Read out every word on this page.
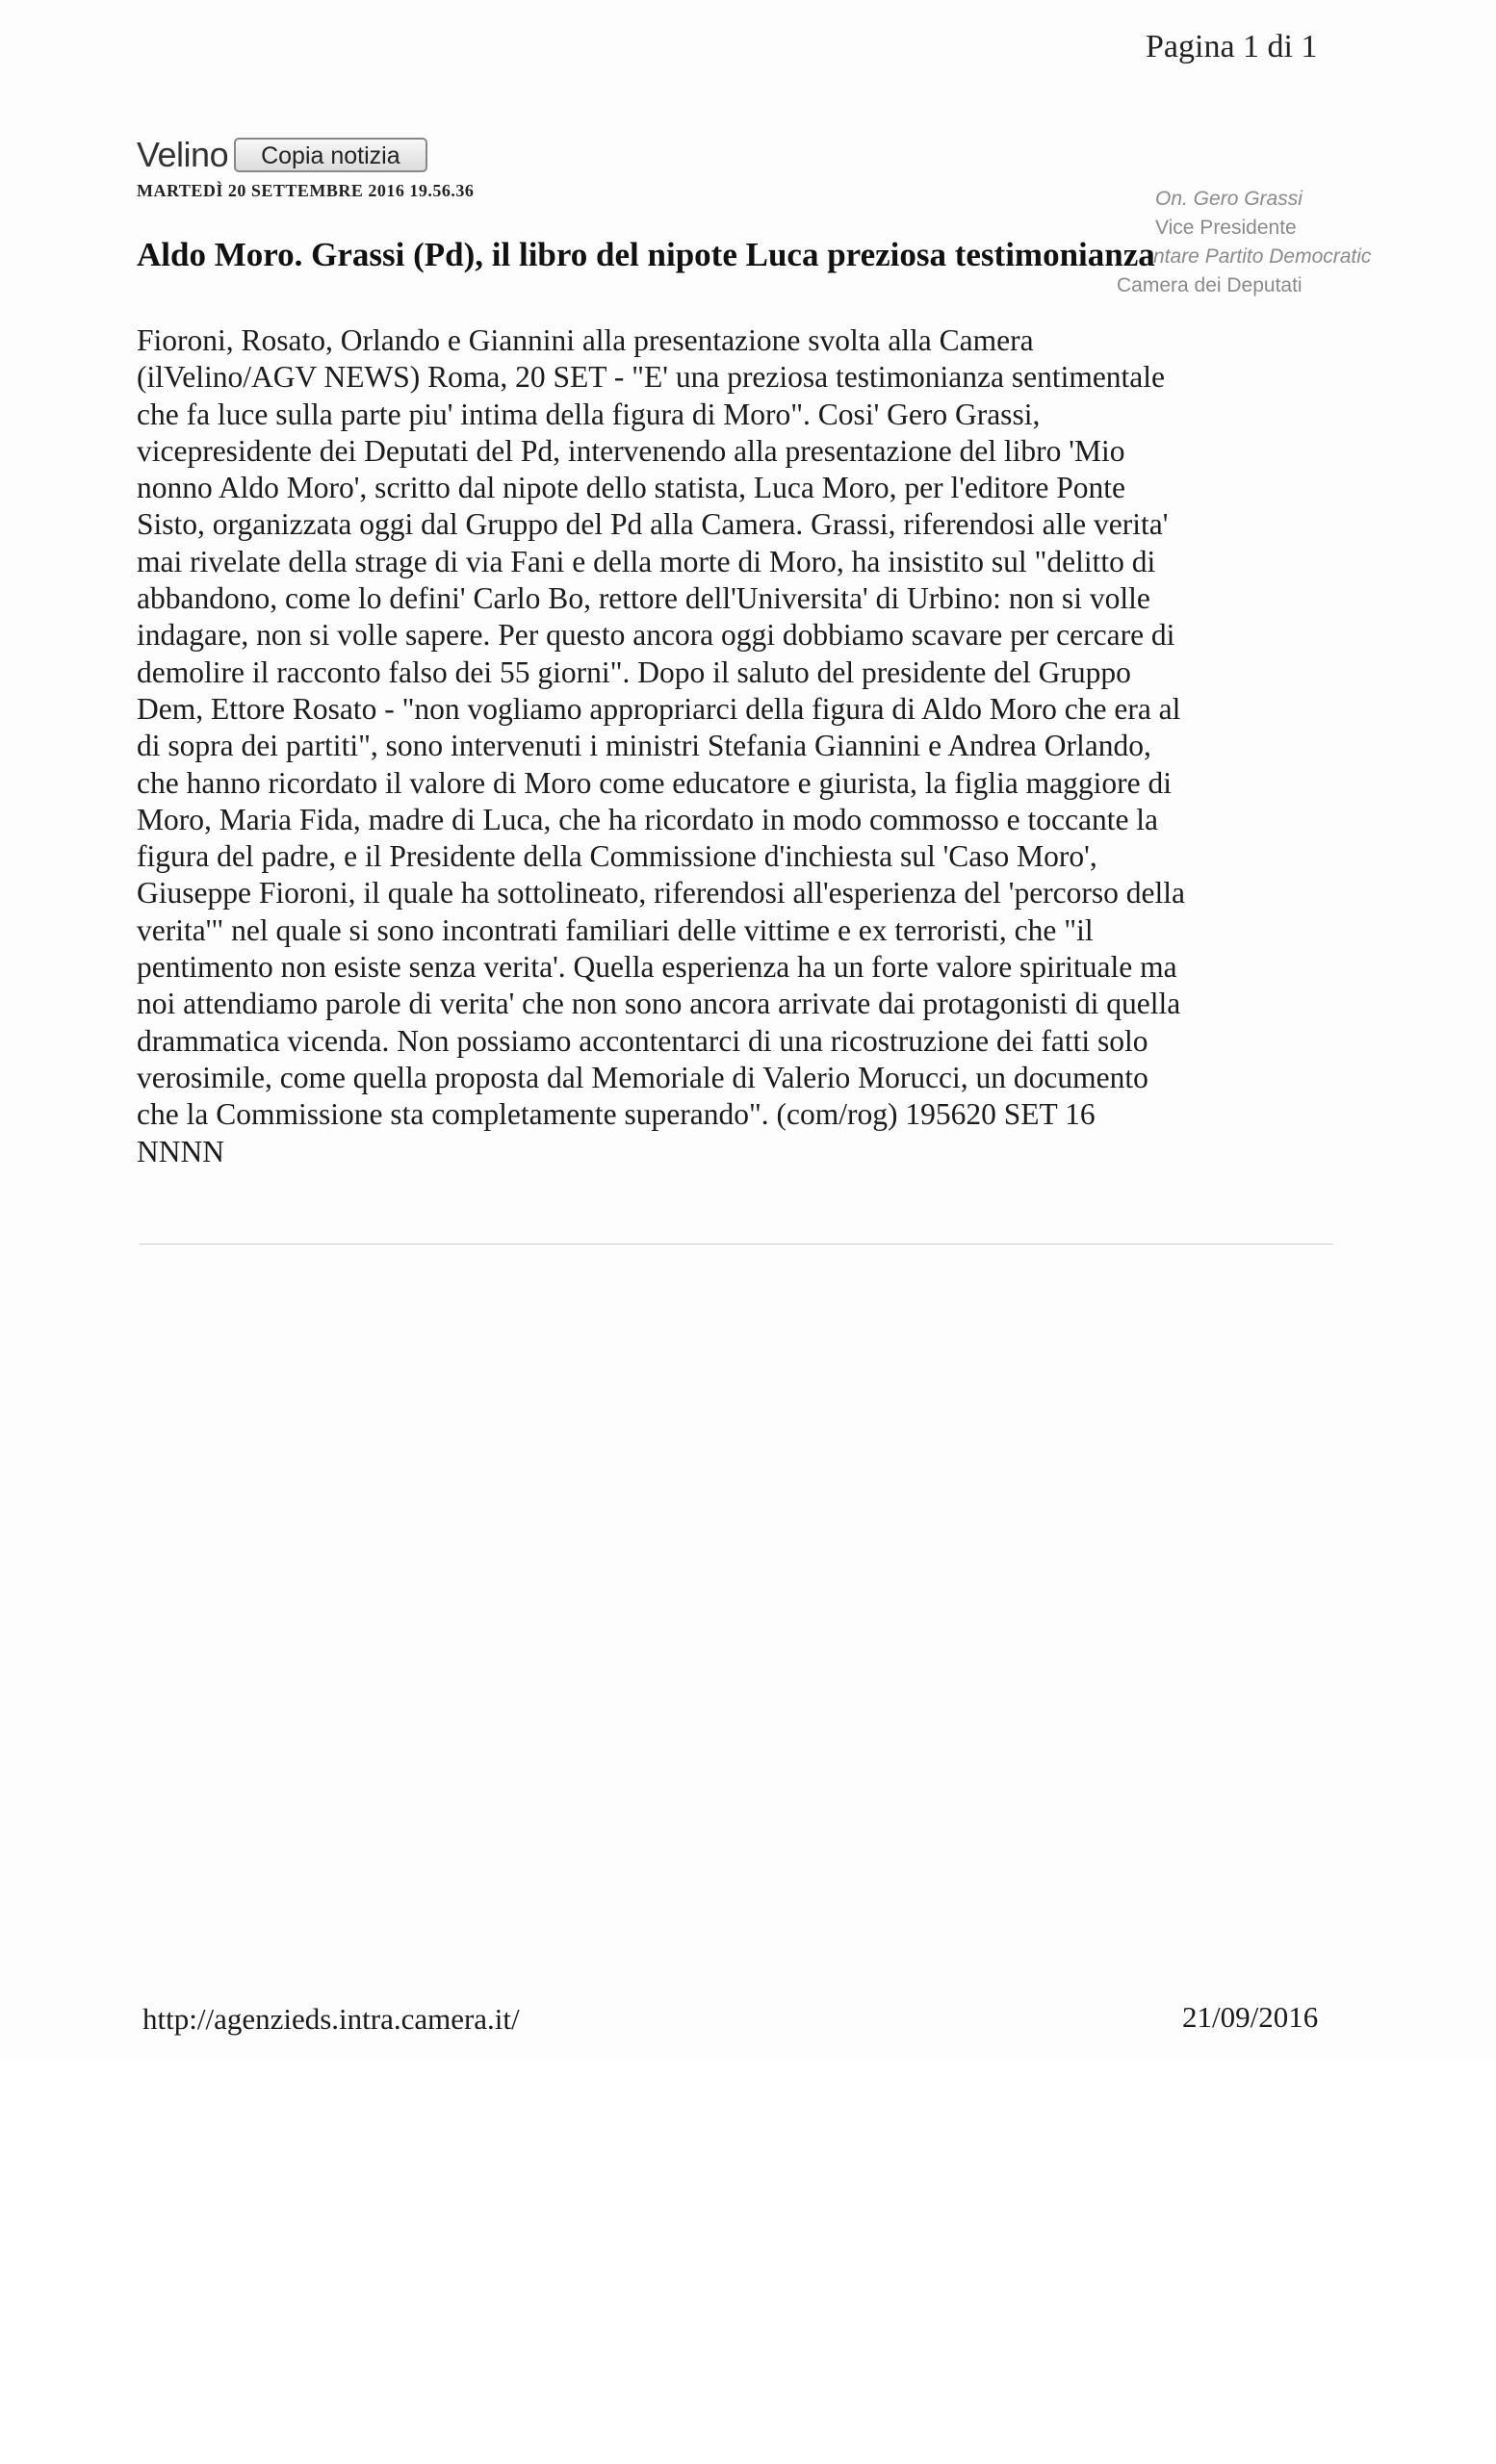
Pagina 1 di 1
Velino	Copia notizia
MARTEDÌ 20 SETTEMBRE 2016 19.56.36
Aldo Moro. Grassi (Pd), il libro del nipote Luca preziosa testimonianza
On. Gero Grassi
Vice Presidente
ntare Partito Democratic
Camera dei Deputati
Fioroni, Rosato, Orlando e Giannini alla presentazione svolta alla Camera
(ilVelino/AGV NEWS) Roma, 20 SET - "E' una preziosa testimonianza sentimentale
che fa luce sulla parte piu' intima della figura di Moro". Cosi' Gero Grassi,
vicepresidente dei Deputati del Pd, intervenendo alla presentazione del libro 'Mio
nonno Aldo Moro', scritto dal nipote dello statista, Luca Moro, per l'editore Ponte
Sisto, organizzata oggi dal Gruppo del Pd alla Camera. Grassi, riferendosi alle verita'
mai rivelate della strage di via Fani e della morte di Moro, ha insistito sul "delitto di
abbandono, come lo defini' Carlo Bo, rettore dell'Universita' di Urbino: non si volle
indagare, non si volle sapere. Per questo ancora oggi dobbiamo scavare per cercare di
demolire il racconto falso dei 55 giorni". Dopo il saluto del presidente del Gruppo
Dem, Ettore Rosato - "non vogliamo appropriarci della figura di Aldo Moro che era al
di sopra dei partiti", sono intervenuti i ministri Stefania Giannini e Andrea Orlando,
che hanno ricordato il valore di Moro come educatore e giurista, la figlia maggiore di
Moro, Maria Fida, madre di Luca, che ha ricordato in modo commosso e toccante la
figura del padre, e il Presidente della Commissione d'inchiesta sul 'Caso Moro',
Giuseppe Fioroni, il quale ha sottolineato, riferendosi all'esperienza del 'percorso della
verita'" nel quale si sono incontrati familiari delle vittime e ex terroristi, che "il
pentimento non esiste senza verita'. Quella esperienza ha un forte valore spirituale ma
noi attendiamo parole di verita' che non sono ancora arrivate dai protagonisti di quella
drammatica vicenda. Non possiamo accontentarci di una ricostruzione dei fatti solo
verosimile, come quella proposta dal Memoriale di Valerio Morucci, un documento
che la Commissione sta completamente superando". (com/rog) 195620 SET 16
NNNN
http://agenzieds.intra.camera.it/	21/09/2016
